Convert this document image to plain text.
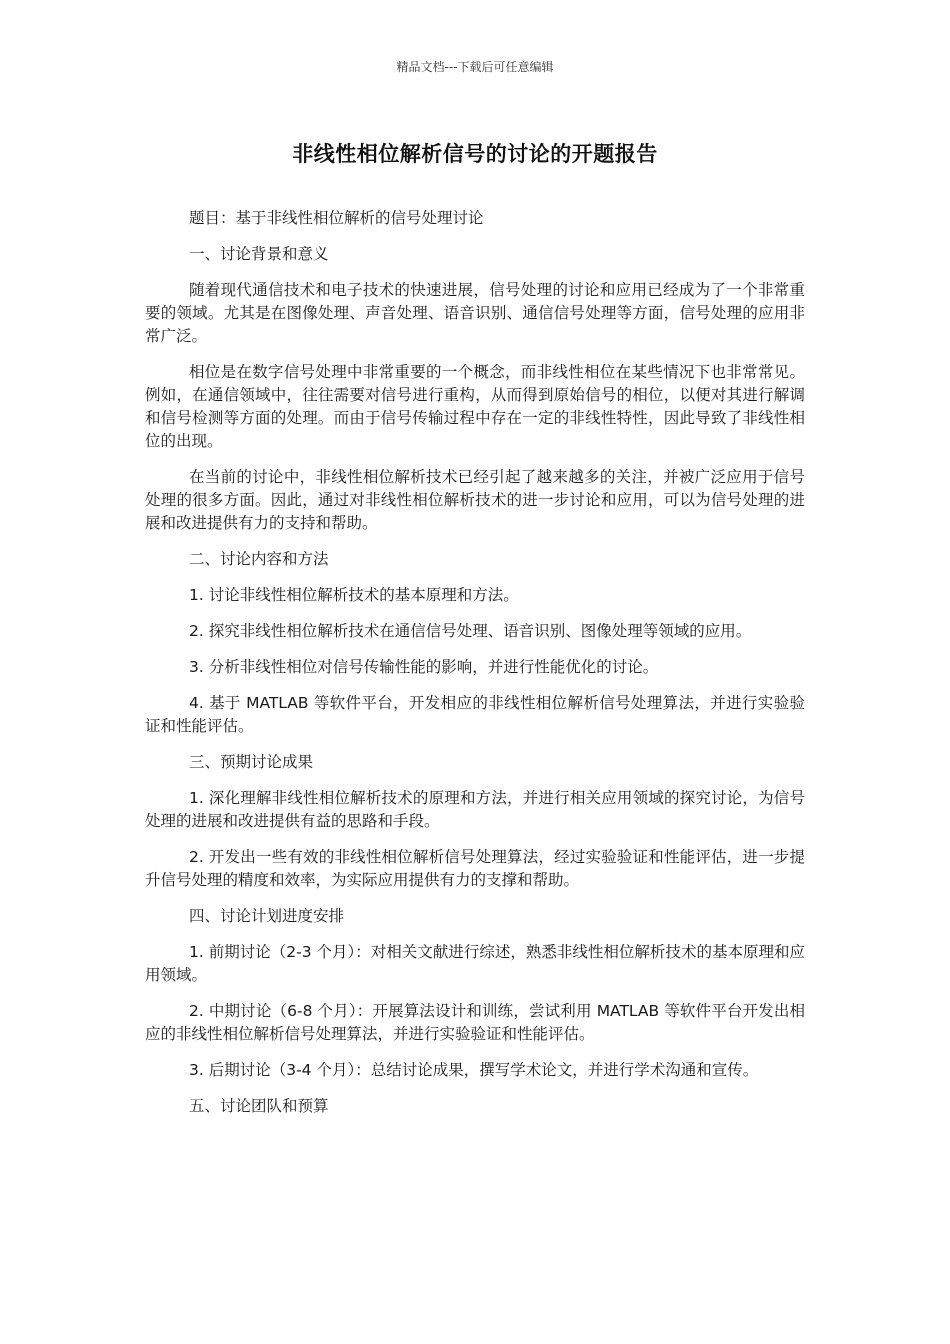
精品文档---下载后可任意编辑
非线性相位解析信号的讨论的开题报告

题目：基于非线性相位解析的信号处理讨论

一、讨论背景和意义

随着现代通信技术和电子技术的快速进展，信号处理的讨论和应用已经成为了一个非常重要的领域。尤其是在图像处理、声音处理、语音识别、通信信号处理等方面，信号处理的应用非常广泛。

相位是在数字信号处理中非常重要的一个概念，而非线性相位在某些情况下也非常常见。例如，在通信领域中，往往需要对信号进行重构，从而得到原始信号的相位，以便对其进行解调和信号检测等方面的处理。而由于信号传输过程中存在一定的非线性特性，因此导致了非线性相位的出现。

在当前的讨论中，非线性相位解析技术已经引起了越来越多的关注，并被广泛应用于信号处理的很多方面。因此，通过对非线性相位解析技术的进一步讨论和应用，可以为信号处理的进展和改进提供有力的支持和帮助。

二、讨论内容和方法

1. 讨论非线性相位解析技术的基本原理和方法。

2. 探究非线性相位解析技术在通信信号处理、语音识别、图像处理等领域的应用。

3. 分析非线性相位对信号传输性能的影响，并进行性能优化的讨论。

4. 基于 MATLAB 等软件平台，开发相应的非线性相位解析信号处理算法，并进行实验验证和性能评估。

三、预期讨论成果

1. 深化理解非线性相位解析技术的原理和方法，并进行相关应用领域的探究讨论，为信号处理的进展和改进提供有益的思路和手段。

2. 开发出一些有效的非线性相位解析信号处理算法，经过实验验证和性能评估，进一步提升信号处理的精度和效率，为实际应用提供有力的支撑和帮助。

四、讨论计划进度安排

1. 前期讨论（2-3 个月）：对相关文献进行综述，熟悉非线性相位解析技术的基本原理和应用领域。

2. 中期讨论（6-8 个月）：开展算法设计和训练，尝试利用 MATLAB 等软件平台开发出相应的非线性相位解析信号处理算法，并进行实验验证和性能评估。

3. 后期讨论（3-4 个月）：总结讨论成果，撰写学术论文，并进行学术沟通和宣传。

五、讨论团队和预算
